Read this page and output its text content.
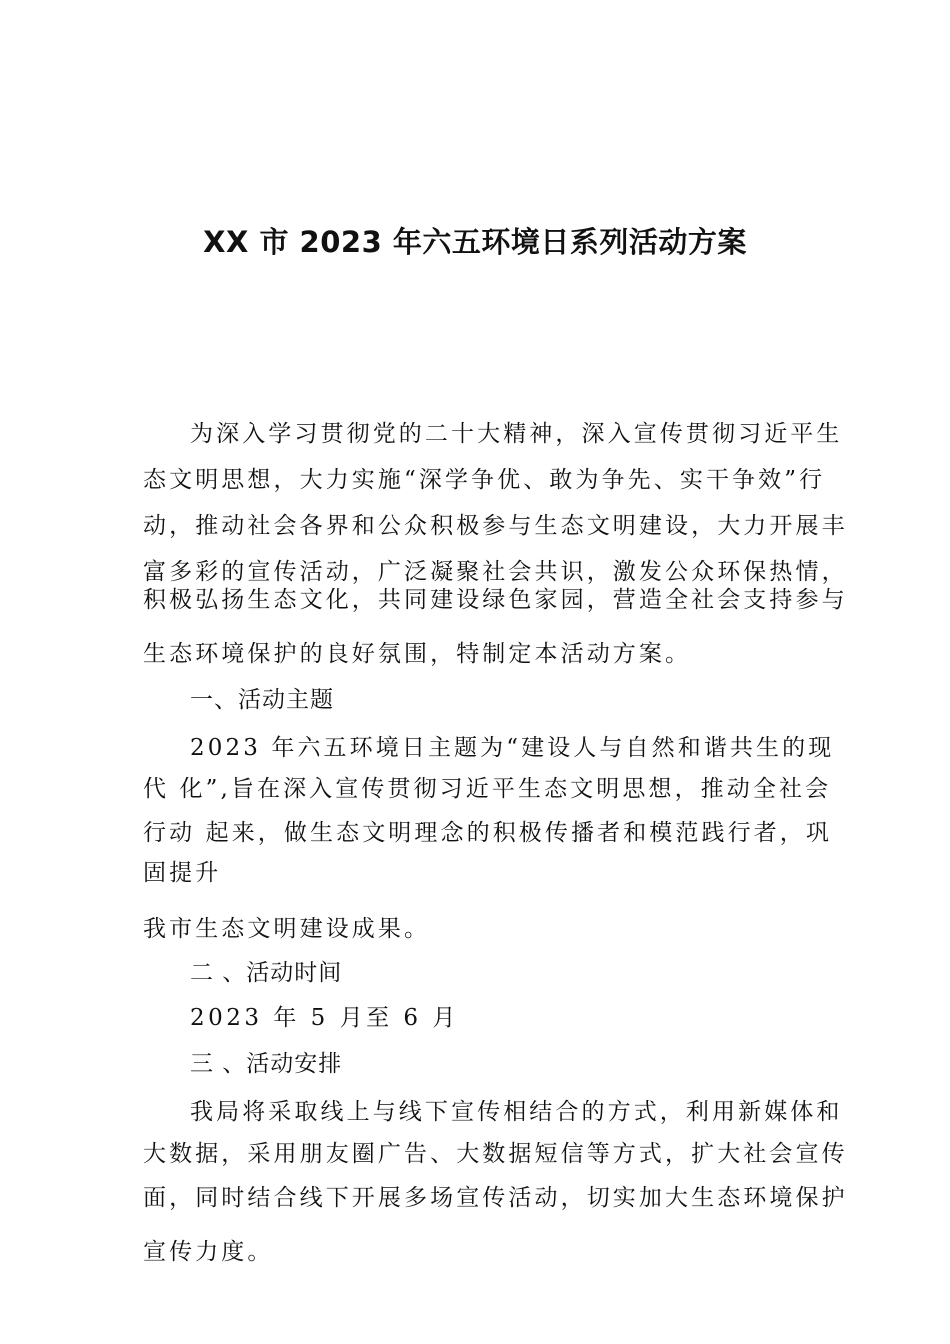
XX 市 2023 年六五环境日系列活动方案
为深入学习贯彻党的二十大精神，深入宣传贯彻习近平生
态文明思想，大力实施“深学争优、敢为争先、实干争效”行
动，推动社会各界和公众积极参与生态文明建设，大力开展丰
富多彩的宣传活动，广泛凝聚社会共识，激发公众环保热情，
积极弘扬生态文化，共同建设绿色家园，营造全社会支持参与
生态环境保护的良好氛围，特制定本活动方案。
一、活动主题
2023 年六五环境日主题为“建设人与自然和谐共生的现
代 化”,旨在深入宣传贯彻习近平生态文明思想，推动全社会
行动 起来，做生态文明理念的积极传播者和模范践行者，巩
固提升
我市生态文明建设成果。
二 、活动时间
2023 年 5 月至 6 月
三 、活动安排
我局将采取线上与线下宣传相结合的方式，利用新媒体和
大数据，采用朋友圈广告、大数据短信等方式，扩大社会宣传
面，同时结合线下开展多场宣传活动，切实加大生态环境保护
宣传力度。
